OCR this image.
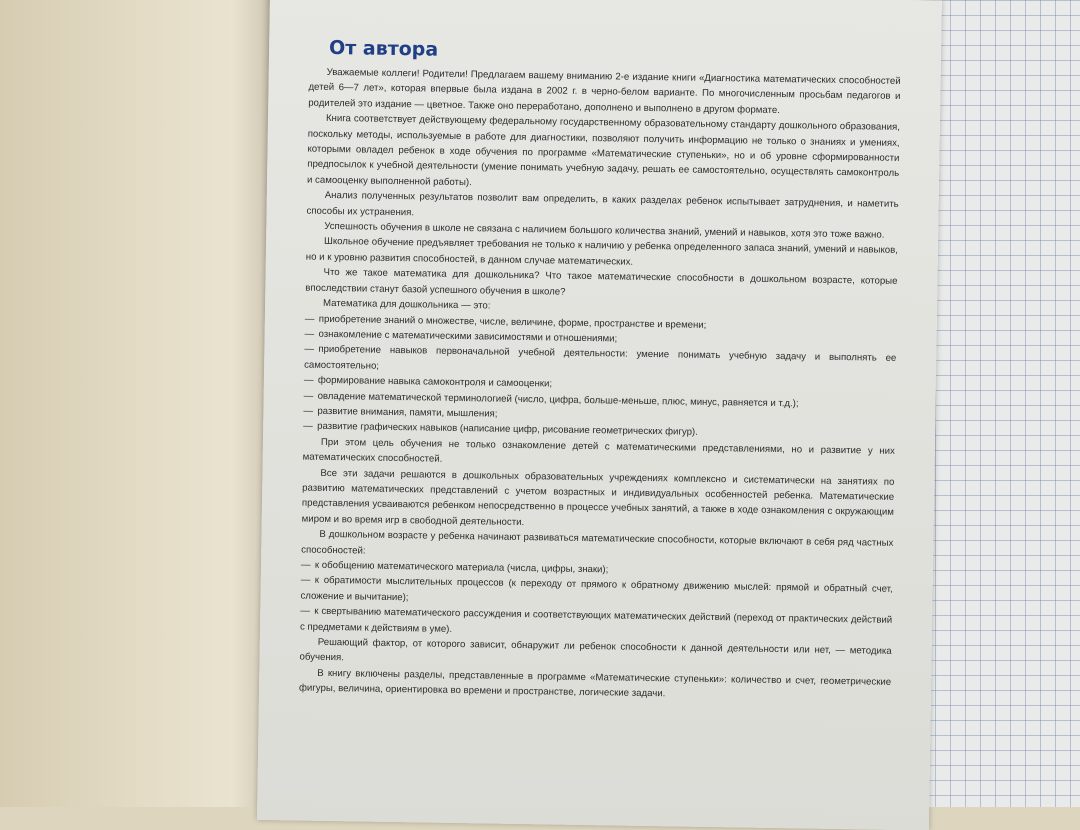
От автора
Уважаемые коллеги! Родители! Предлагаем вашему вниманию 2-е издание книги «Диагностика математических способностей детей 6—7 лет», которая впервые была издана в 2002 г. в черно-белом варианте. По многочисленным просьбам педагогов и родителей это издание — цветное. Также оно переработано, дополнено и выполнено в другом формате.
Книга соответствует действующему федеральному государственному образовательному стандарту дошкольного образования, поскольку методы, используемые в работе для диагностики, позволяют получить информацию не только о знаниях и умениях, которыми овладел ребенок в ходе обучения по программе «Математические ступеньки», но и об уровне сформированности предпосылок к учебной деятельности (умение понимать учебную задачу, решать ее самостоятельно, осуществлять самоконтроль и самооценку выполненной работы).
Анализ полученных результатов позволит вам определить, в каких разделах ребенок испытывает затруднения, и наметить способы их устранения.
Успешность обучения в школе не связана с наличием большого количества знаний, умений и навыков, хотя это тоже важно.
Школьное обучение предъявляет требования не только к наличию у ребенка определенного запаса знаний, умений и навыков, но и к уровню развития способностей, в данном случае математических.
Что же такое математика для дошкольника? Что такое математические способности в дошкольном возрасте, которые впоследствии станут базой успешного обучения в школе?
Математика для дошкольника — это:
— приобретение знаний о множестве, числе, величине, форме, пространстве и времени;
— ознакомление с математическими зависимостями и отношениями;
— приобретение навыков первоначальной учебной деятельности: умение понимать учебную задачу и выполнять ее самостоятельно;
— формирование навыка самоконтроля и самооценки;
— овладение математической терминологией (число, цифра, больше-меньше, плюс, минус, равняется и т.д.);
— развитие внимания, памяти, мышления;
— развитие графических навыков (написание цифр, рисование геометрических фигур).
При этом цель обучения не только ознакомление детей с математическими представлениями, но и развитие у них математических способностей.
Все эти задачи решаются в дошкольных образовательных учреждениях комплексно и систематически на занятиях по развитию математических представлений с учетом возрастных и индивидуальных особенностей ребенка. Математические представления усваиваются ребенком непосредственно в процессе учебных занятий, а также в ходе ознакомления с окружающим миром и во время игр в свободной деятельности.
В дошкольном возрасте у ребенка начинают развиваться математические способности, которые включают в себя ряд частных способностей:
— к обобщению математического материала (числа, цифры, знаки);
— к обратимости мыслительных процессов (к переходу от прямого к обратному движению мыслей: прямой и обратный счет, сложение и вычитание);
— к свертыванию математического рассуждения и соответствующих математических действий (переход от практических действий с предметами к действиям в уме).
Решающий фактор, от которого зависит, обнаружит ли ребенок способности к данной деятельности или нет, — методика обучения.
В книгу включены разделы, представленные в программе «Математические ступеньки»: количество и счет, геометрические фигуры, величина, ориентировка во времени и пространстве, логические задачи.
